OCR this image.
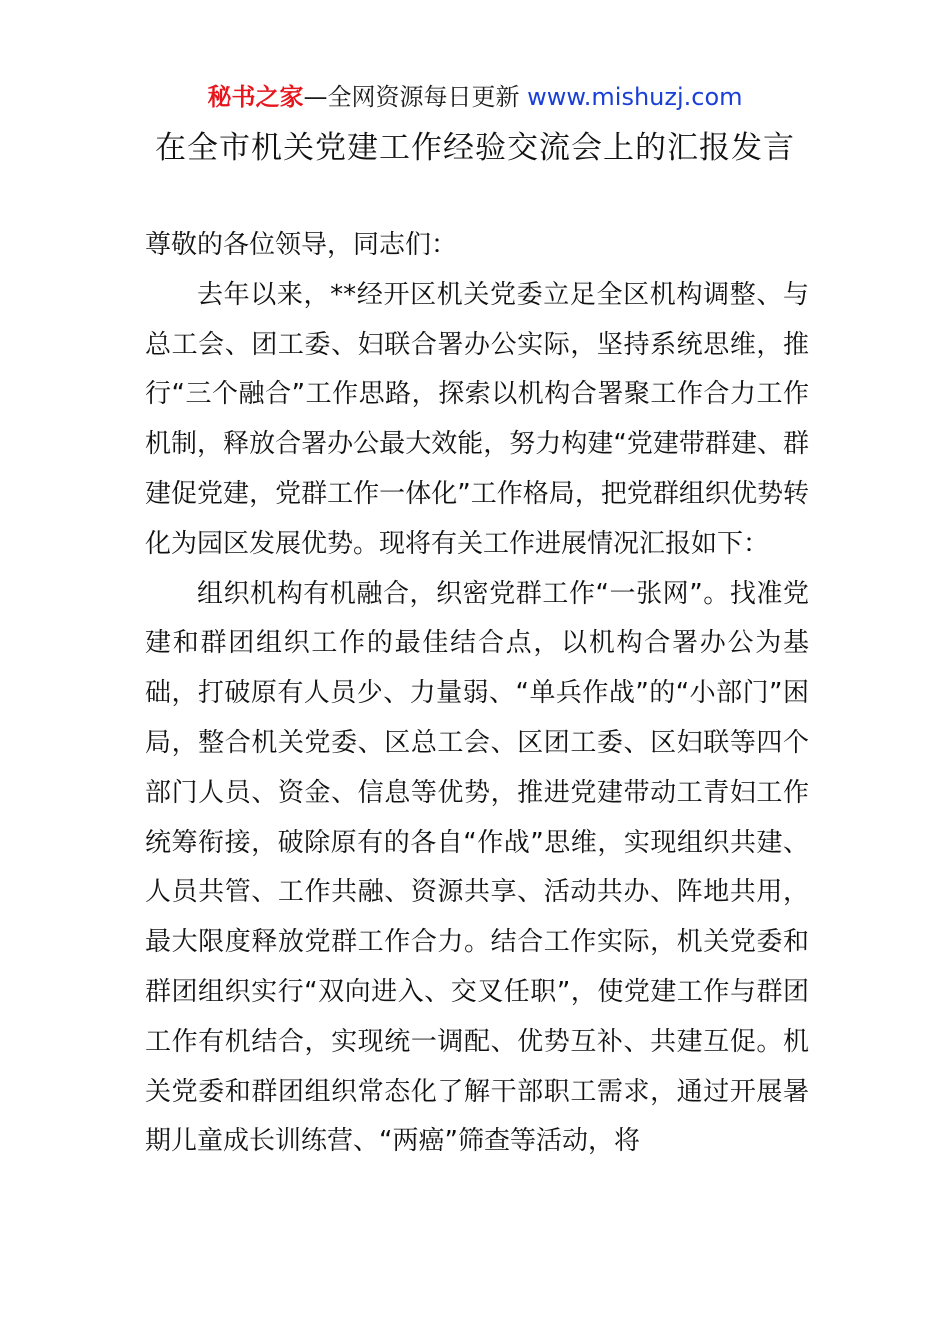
秘书之家—全网资源每日更新 www.mishuzj.com
在全市机关党建工作经验交流会上的汇报发言

尊敬的各位领导，同志们：

去年以来，**经开区机关党委立足全区机构调整、与总工会、团工委、妇联合署办公实际，坚持系统思维，推行“三个融合”工作思路，探索以机构合署聚工作合力工作机制，释放合署办公最大效能，努力构建“党建带群建、群建促党建，党群工作一体化”工作格局，把党群组织优势转化为园区发展优势。现将有关工作进展情况汇报如下：

组织机构有机融合，织密党群工作“一张网”。找准党建和群团组织工作的最佳结合点，以机构合署办公为基础，打破原有人员少、力量弱、“单兵作战”的“小部门”困局，整合机关党委、区总工会、区团工委、区妇联等四个部门人员、资金、信息等优势，推进党建带动工青妇工作统筹衔接，破除原有的各自“作战”思维，实现组织共建、人员共管、工作共融、资源共享、活动共办、阵地共用，最大限度释放党群工作合力。结合工作实际，机关党委和群团组织实行“双向进入、交叉任职”，使党建工作与群团工作有机结合，实现统一调配、优势互补、共建互促。机关党委和群团组织常态化了解干部职工需求，通过开展暑期儿童成长训练营、“两癌”筛查等活动，将
